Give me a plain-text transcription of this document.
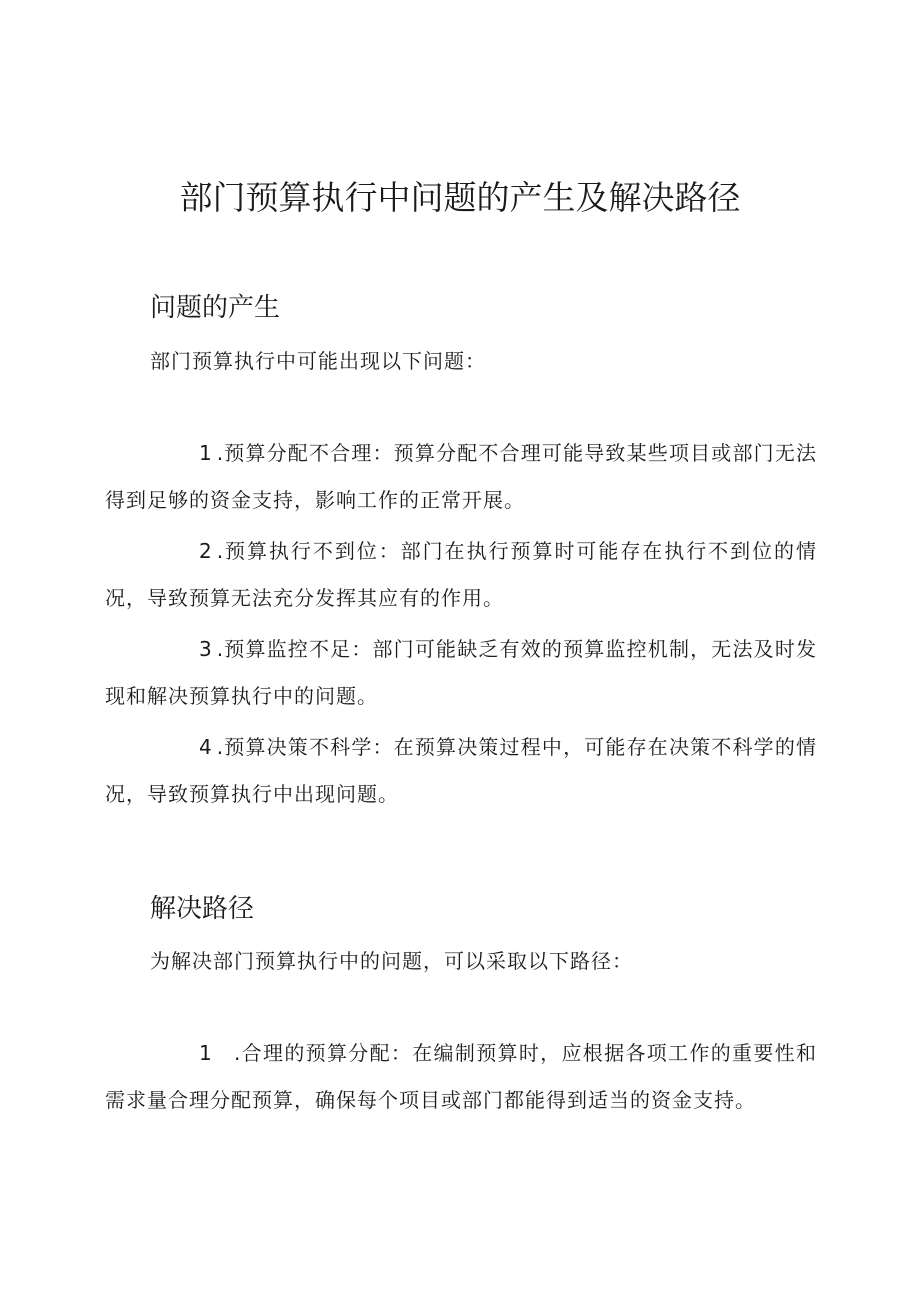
部门预算执行中问题的产生及解决路径
问题的产生

部门预算执行中可能出现以下问题：

1 .预算分配不合理：预算分配不合理可能导致某些项目或部门无法得到足够的资金支持，影响工作的正常开展。

2 .预算执行不到位：部门在执行预算时可能存在执行不到位的情况，导致预算无法充分发挥其应有的作用。

3 .预算监控不足：部门可能缺乏有效的预算监控机制，无法及时发现和解决预算执行中的问题。

4 .预算决策不科学：在预算决策过程中，可能存在决策不科学的情况，导致预算执行中出现问题。

解决路径

为解决部门预算执行中的问题，可以采取以下路径：

1 .合理的预算分配：在编制预算时，应根据各项工作的重要性和需求量合理分配预算，确保每个项目或部门都能得到适当的资金支持。
